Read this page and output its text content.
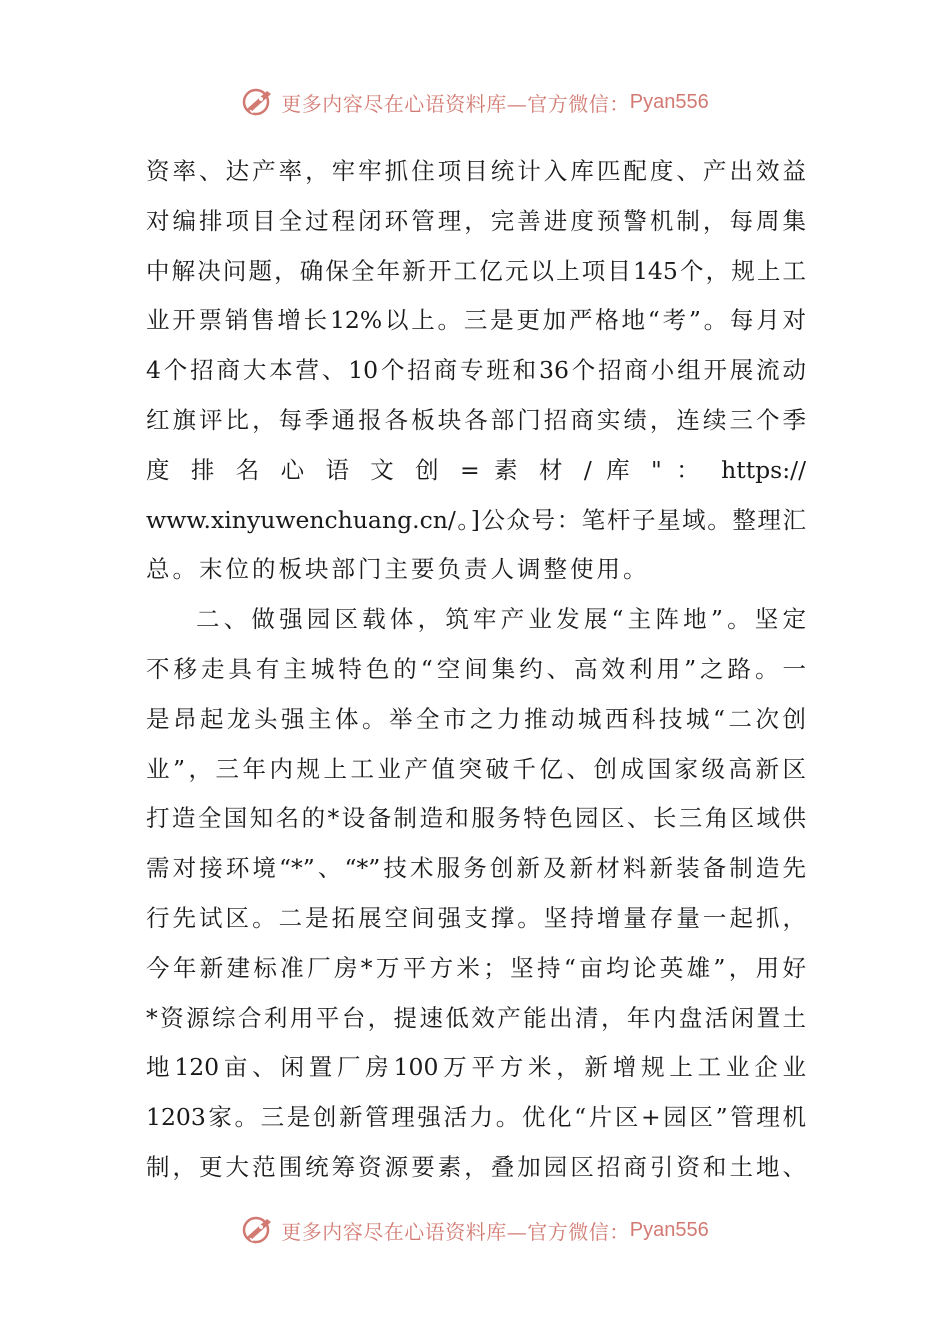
更多内容尽在心语资料库—官方微信： Pyan556
资率、达产率，牢牢抓住项目统计入库匹配度、产出效益
对编排项目全过程闭环管理，完善进度预警机制，每周集
中解决问题，确保全年新开工亿元以上项目145个，规上工
业开票销售增长12%以上。三是更加严格地“考”。每月对
4个招商大本营、10个招商专班和36个招商小组开展流动
红旗评比，每季通报各板块各部门招商实绩，连续三个季
度 排 名 心 语 文 创 = 素 材 / 库 " ： https://
www.xinyuwenchuang.cn/。]公众号：笔杆子星域。整理汇
总。末位的板块部门主要负责人调整使用。
二、做强园区载体，筑牢产业发展“主阵地”。坚定
不移走具有主城特色的“空间集约、高效利用”之路。一
是昂起龙头强主体。举全市之力推动城西科技城“二次创
业”，三年内规上工业产值突破千亿、创成国家级高新区
打造全国知名的*设备制造和服务特色园区、长三角区域供
需对接环境“*”、“*”技术服务创新及新材料新装备制造先
行先试区。二是拓展空间强支撑。坚持增量存量一起抓，
今年新建标准厂房*万平方米；坚持“亩均论英雄”，用好
*资源综合利用平台，提速低效产能出清，年内盘活闲置土
地120亩、闲置厂房100万平方米，新增规上工业企业
1203家。三是创新管理强活力。优化“片区+园区”管理机
制，更大范围统筹资源要素，叠加园区招商引资和土地、
更多内容尽在心语资料库—官方微信： Pyan556
